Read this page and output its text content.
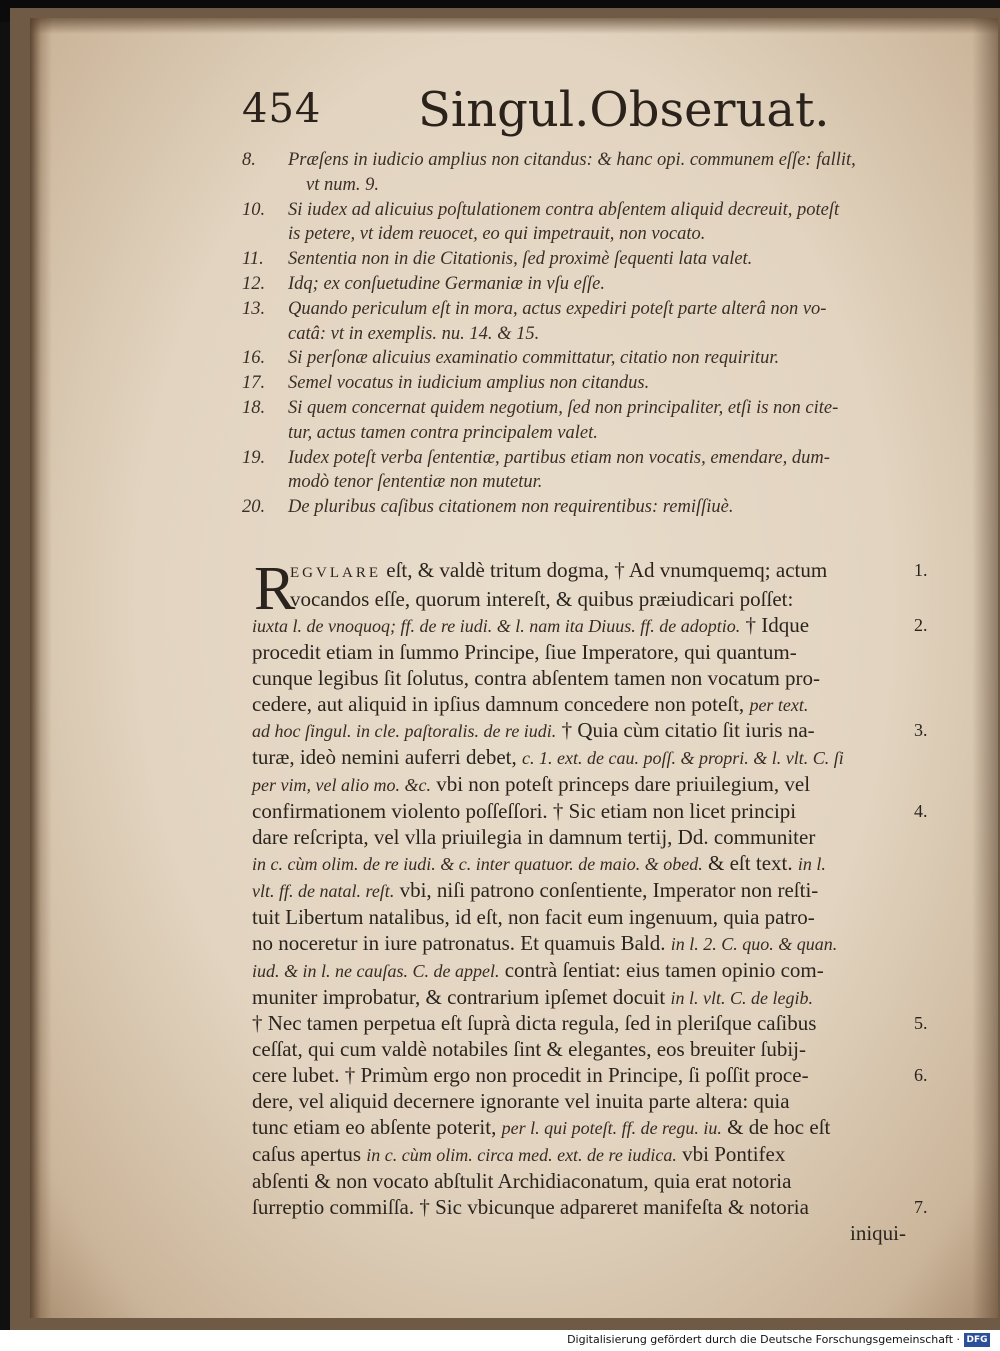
454 Singul.Obseruat.
8.	Præſens in iudicio amplius non citandus: & hanc opi. communem eſſe: fallit,
vt num. 9.
10.	Si iudex ad alicuius poſtulationem contra abſentem aliquid decreuit, poteſt
is petere, vt idem reuocet, eo qui impetrauit, non vocato.
11.	Sententia non in die Citationis, ſed proximè ſequenti lata valet.
12.	Idq; ex conſuetudine Germaniæ in vſu eſſe.
13.	Quando periculum eſt in mora, actus expediri poteſt parte alterâ non vo-
catâ: vt in exemplis. nu. 14. & 15.
16.	Si perſonæ alicuius examinatio committatur, citatio non requiritur.
17.	Semel vocatus in iudicium amplius non citandus.
18.	Si quem concernat quidem negotium, ſed non principaliter, etſi is non cite-
tur, actus tamen contra principalem valet.
19.	Iudex poteſt verba ſententiæ, partibus etiam non vocatis, emendare, dum-
modò tenor ſententiæ non mutetur.
20.	De pluribus caſibus citationem non requirentibus: remiſſiuè.
R
EGVLARE eſt, & valdè tritum dogma, † Ad vnumquemq; actum	1.
vocandos eſſe, quorum intereſt, & quibus præiudicari poſſet:
iuxta l. de vnoquoq; ff. de re iudi. & l. nam ita Diuus. ff. de adoptio. † Idque	2.
procedit etiam in ſummo Principe, ſiue Imperatore, qui quantum-
cunque legibus ſit ſolutus, contra abſentem tamen non vocatum pro-
cedere, aut aliquid in ipſius damnum concedere non poteſt, per text.
ad hoc ſingul. in cle. paſtoralis. de re iudi. † Quia cùm citatio ſit iuris na-	3.
turæ, ideò nemini auferri debet, c. 1. ext. de cau. poſſ. & propri. & l. vlt. C. ſi
per vim, vel alio mo. &c. vbi non poteſt princeps dare priuilegium, vel
confirmationem violento poſſeſſori. † Sic etiam non licet principi	4.
dare reſcripta, vel vlla priuilegia in damnum tertij, Dd. communiter
in c. cùm olim. de re iudi. & c. inter quatuor. de maio. & obed. & eſt text. in l.
vlt. ff. de natal. reſt. vbi, niſi patrono conſentiente, Imperator non reſti-
tuit Libertum natalibus, id eſt, non facit eum ingenuum, quia patro-
no noceretur in iure patronatus. Et quamuis Bald. in l. 2. C. quo. & quan.
iud. & in l. ne cauſas. C. de appel. contrà ſentiat: eius tamen opinio com-
muniter improbatur, & contrarium ipſemet docuit in l. vlt. C. de legib.
† Nec tamen perpetua eſt ſuprà dicta regula, ſed in pleriſque caſibus	5.
ceſſat, qui cum valdè notabiles ſint & elegantes, eos breuiter ſubij-
cere lubet. † Primùm ergo non procedit in Principe, ſi poſſit proce-	6.
dere, vel aliquid decernere ignorante vel inuita parte altera: quia
tunc etiam eo abſente poterit, per l. qui poteſt. ff. de regu. iu. & de hoc eſt
caſus apertus in c. cùm olim. circa med. ext. de re iudica. vbi Pontifex
abſenti & non vocato abſtulit Archidiaconatum, quia erat notoria
ſurreptio commiſſa. † Sic vbicunque adpareret manifeſta & notoria	7.
iniqui-
Digitalisierung gefördert durch die Deutsche Forschungsgemeinschaft · DFG
